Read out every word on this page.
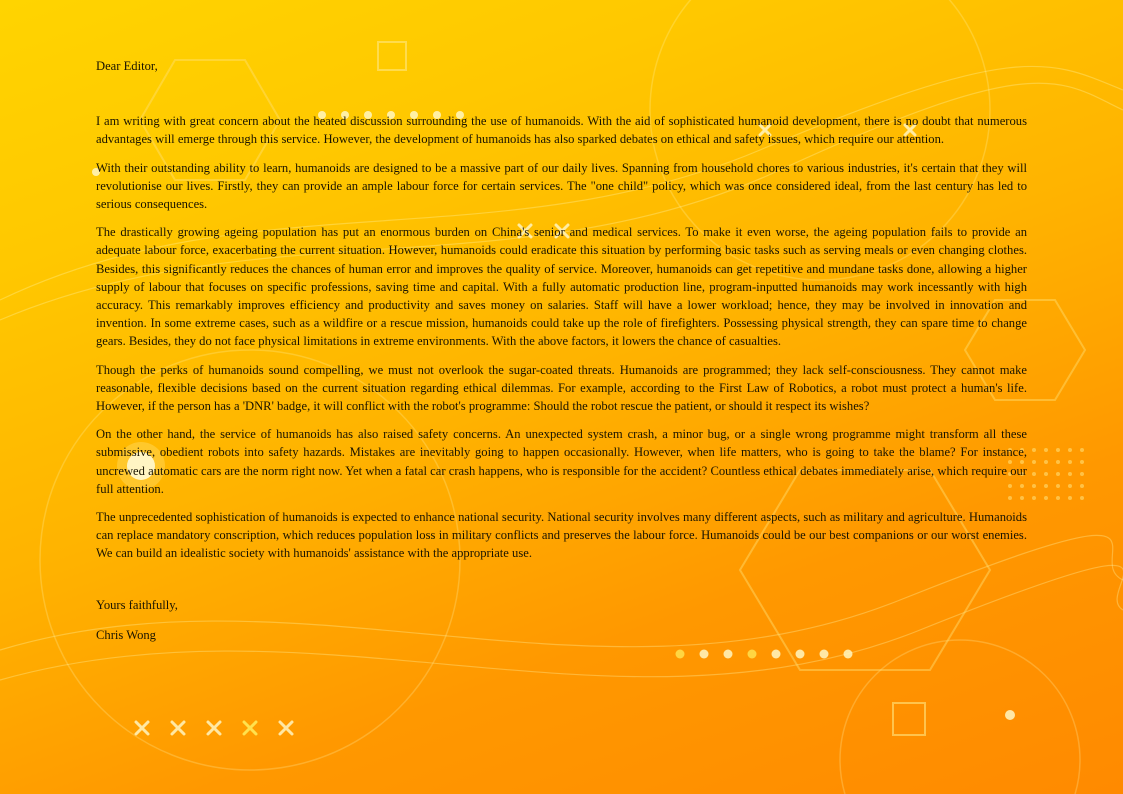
Dear Editor,

I am writing with great concern about the heated discussion surrounding the use of humanoids. With the aid of sophisticated humanoid development, there is no doubt that numerous advantages will emerge through this service. However, the development of humanoids has also sparked debates on ethical and safety issues, which require our attention.

With their outstanding ability to learn, humanoids are designed to be a massive part of our daily lives. Spanning from household chores to various industries, it's certain that they will revolutionise our lives. Firstly, they can provide an ample labour force for certain services. The "one child" policy, which was once considered ideal, from the last century has led to serious consequences.

The drastically growing ageing population has put an enormous burden on China's senior and medical services. To make it even worse, the ageing population fails to provide an adequate labour force, exacerbating the current situation. However, humanoids could eradicate this situation by performing basic tasks such as serving meals or even changing clothes. Besides, this significantly reduces the chances of human error and improves the quality of service. Moreover, humanoids can get repetitive and mundane tasks done, allowing a higher supply of labour that focuses on specific professions, saving time and capital. With a fully automatic production line, program-inputted humanoids may work incessantly with high accuracy. This remarkably improves efficiency and productivity and saves money on salaries. Staff will have a lower workload; hence, they may be involved in innovation and invention. In some extreme cases, such as a wildfire or a rescue mission, humanoids could take up the role of firefighters. Possessing physical strength, they can spare time to change gears. Besides, they do not face physical limitations in extreme environments. With the above factors, it lowers the chance of casualties.

Though the perks of humanoids sound compelling, we must not overlook the sugar-coated threats. Humanoids are programmed; they lack self-consciousness. They cannot make reasonable, flexible decisions based on the current situation regarding ethical dilemmas. For example, according to the First Law of Robotics, a robot must protect a human's life. However, if the person has a 'DNR' badge, it will conflict with the robot's programme: Should the robot rescue the patient, or should it respect its wishes?

On the other hand, the service of humanoids has also raised safety concerns. An unexpected system crash, a minor bug, or a single wrong programme might transform all these submissive, obedient robots into safety hazards. Mistakes are inevitably going to happen occasionally. However, when life matters, who is going to take the blame? For instance, uncrewed automatic cars are the norm right now. Yet when a fatal car crash happens, who is responsible for the accident? Countless ethical debates immediately arise, which require our full attention.

The unprecedented sophistication of humanoids is expected to enhance national security. National security involves many different aspects, such as military and agriculture. Humanoids can replace mandatory conscription, which reduces population loss in military conflicts and preserves the labour force. Humanoids could be our best companions or our worst enemies. We can build an idealistic society with humanoids' assistance with the appropriate use.

Yours faithfully,

Chris Wong
